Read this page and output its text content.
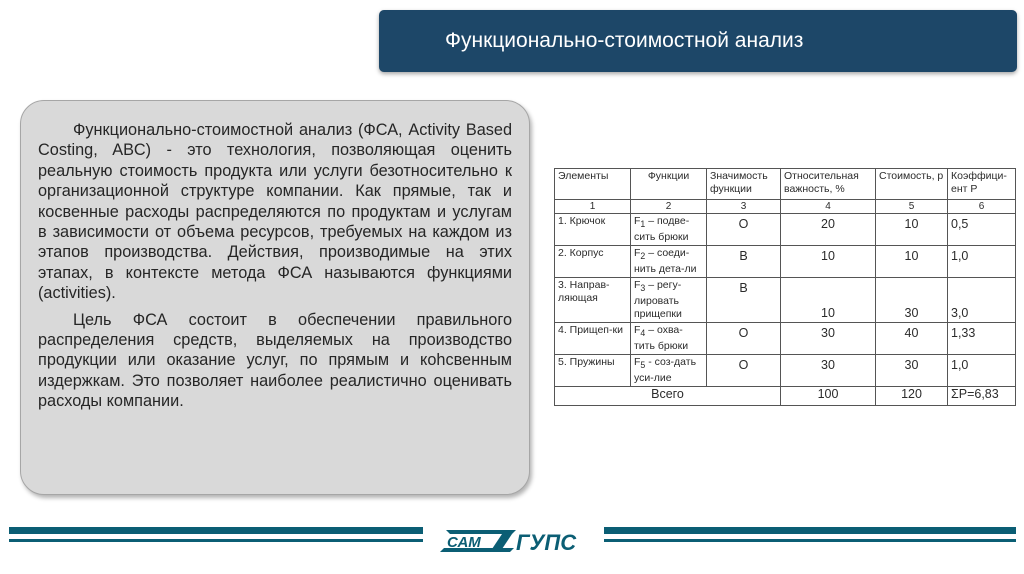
Функционально-стоимостной анализ

Функционально-стоимостной анализ (ФСА, Activity Based Costing, ABC) - это технология, позволяющая оценить реальную стоимость продукта или услуги безотносительно к организационной структуре компании. Как прямые, так и косвенные расходы распределяются по продуктам и услугам в зависимости от объема ресурсов, требуемых на каждом из этапов производства. Действия, производимые на этих этапах, в контексте метода ФСА называются функциями (activities).

Цель ФСА состоит в обеспечении правильного распределения средств, выделяемых на производство продукции или оказание услуг, по прямым и коhсвенным издержкам. Это позволяет наиболее реалистично оценивать расходы компании.

Элементы	Функции	Значимость функции	Относительная важность, %	Стоимость, р	Коэффици-ент Р
1	2	3	4	5	6
1. Крючок	$F_1$ – подве-сить брюки	О	20	10	0,5
2. Корпус	$F_2$ – соеди-нить дета-ли	В	10	10	1,0
3. Направ-ляющая	$F_3$ – регу-лировать прищепки	В	10	30	3,0
4. Прищеп-ки	$F_4$ – охва-тить брюки	О	30	40	1,33
5. Пружины	$F_5$ - соз-дать уси-лие	О	30	30	1,0
Всего			100	120	ΣP=6,83
САМ ГУПС
